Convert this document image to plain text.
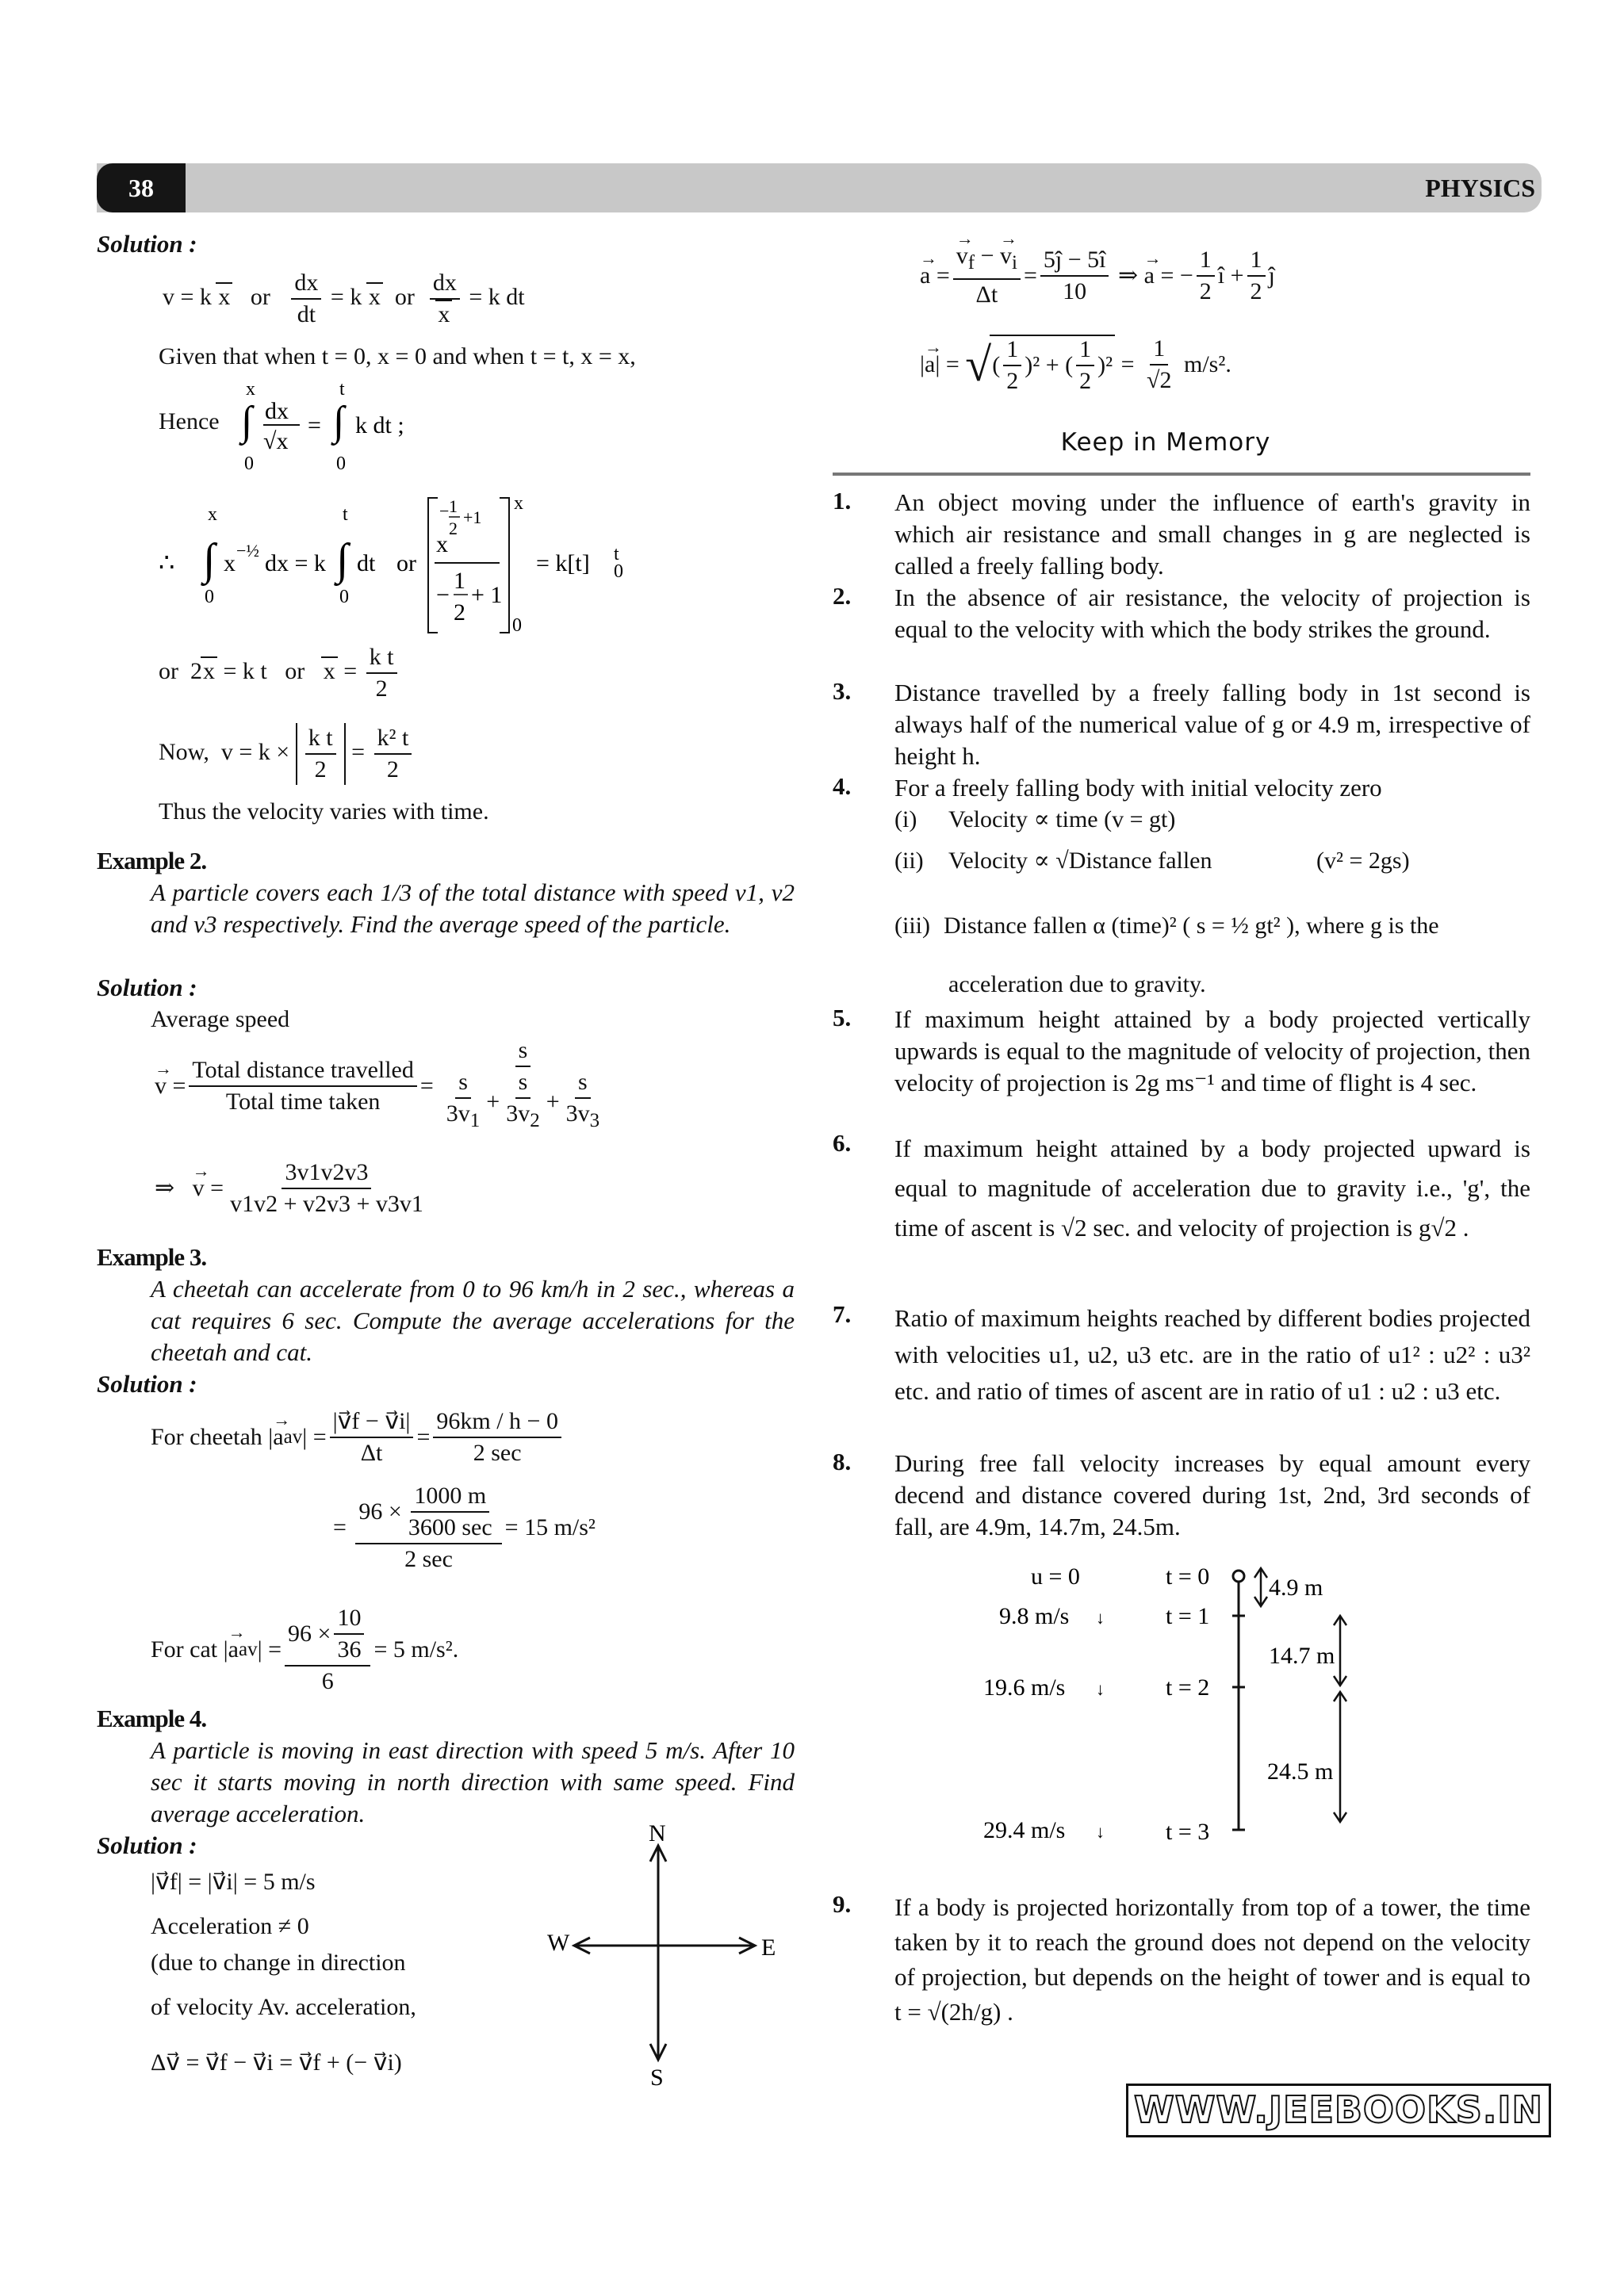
38	PHYSICS
Solution :
v = k x   or $\frac{dx}{dt} = k$ x  or $\frac{dx}{x} = k$ dt
Given that when t = 0, x = 0 and when t = t, x = x,
Hence
x
∫
0
dx
√x
=
t
∫
0
k dt ;
∴
x
∫
0
x −½ dx = k
t
∫
0
dt or
1
− +1
2
x
1
−
2
+ 1
x
0
= k[t] t
0
or  2x = k t   or   $x = \frac{\text{k t}}{2}$
Now,  $v = k \times \frac{\text{k t}}{2} = \frac{\text{k² t}}{2}$
Thus the velocity varies with time.
Example 2.
A particle covers each 1/3 of the total distance with speed v1, v2 and v3 respectively. Find the average speed of the particle.
Solution :
Average speed
→ $v = \frac{\text{Total distance travelled}}{\text{Total time taken}} = \frac{s}{\frac{s}{3v_1} + \frac{s}{3v_2} + \frac{s}{3v_3}}$
⇒ → $v = \frac{3v1v2v3}{v1v2 + v2v3 + v3v1}$
Example 3.
A cheetah can accelerate from 0 to 96 km/h in 2 sec., whereas a cat requires 6 sec. Compute the average accelerations for the cheetah and cat.
Solution :
For cheetah | → a av | = $\frac{|v⃗f - v⃗i|}{\Delta t} = \frac{96km / h - 0}{2 \sec}$
= $\frac{96 \times \frac{1000 m}{3600 \sec}}{2 \sec} = 15$ m/s²
For cat | → a av | = $\frac{96 \times \frac{10}{36}}{6} = 5$ m/s².
Example 4.
A particle is moving in east direction with speed 5 m/s. After 10 sec it starts moving in north direction with same speed. Find average acceleration.
Solution :
|v⃗f| = |v⃗i| = 5 m/s
Acceleration ≠ 0
(due to change in direction
of velocity Av. acceleration,
Δv⃗ = v⃗f − v⃗i = v⃗f + (− v⃗i)
N
S
E
W
→ a = → $\frac{v_f - \to v_i}{\Delta t} = \frac{5ĵ - 5î}{10}$ ⇒ → a = − $\frac{1}{2}$ î + $\frac{1}{2}$ ĵ
| → a | = √ ( $\frac{1}{2} )^2$ + ( $\frac{1}{2} )^2 = \frac{1}{√2} m/s^2$.
Keep in Memory
1.	An object moving under the influence of earth's gravity in which air resistance and small changes in g are neglected is called a freely falling body.
2.	In the absence of air resistance, the velocity of projection is equal to the velocity with which the body strikes the ground.
3.	Distance travelled by a freely falling body in 1st second is always half of the numerical value of g or 4.9 m, irrespective of height h.
4.	For a freely falling body with initial velocity zero
(i) Velocity ∝ time (v = gt)
(ii) Velocity ∝ √Distance fallen	(v² = 2gs)
(iii) Distance fallen α (time)² ( s = ½ gt² ), where g is the
acceleration due to gravity.
5.	If maximum height attained by a body projected vertically upwards is equal to the magnitude of velocity of projection, then velocity of projection is 2g ms⁻¹ and time of flight is 4 sec.
6.	If maximum height attained by a body projected upward is equal to magnitude of acceleration due to gravity i.e., 'g', the time of ascent is √2 sec. and velocity of projection is g√2 .
7.	Ratio of maximum heights reached by different bodies projected with velocities u1, u2, u3 etc. are in the ratio of u1² : u2² : u3² etc. and ratio of times of ascent are in ratio of u1 : u2 : u3 etc.
8.	During free fall velocity increases by equal amount every decend and distance covered during 1st, 2nd, 3rd seconds of fall, are 4.9m, 14.7m, 24.5m.
u = 0
9.8 m/s ↓
19.6 m/s ↓
29.4 m/s ↓
t = 0
t = 1
t = 2
t = 3
4.9 m
14.7 m
24.5 m
9.	If a body is projected horizontally from top of a tower, the time taken by it to reach the ground does not depend on the velocity of projection, but depends on the height of tower and is equal to t = √(2h/g) .
WWW.JEEBOOKS.IN
